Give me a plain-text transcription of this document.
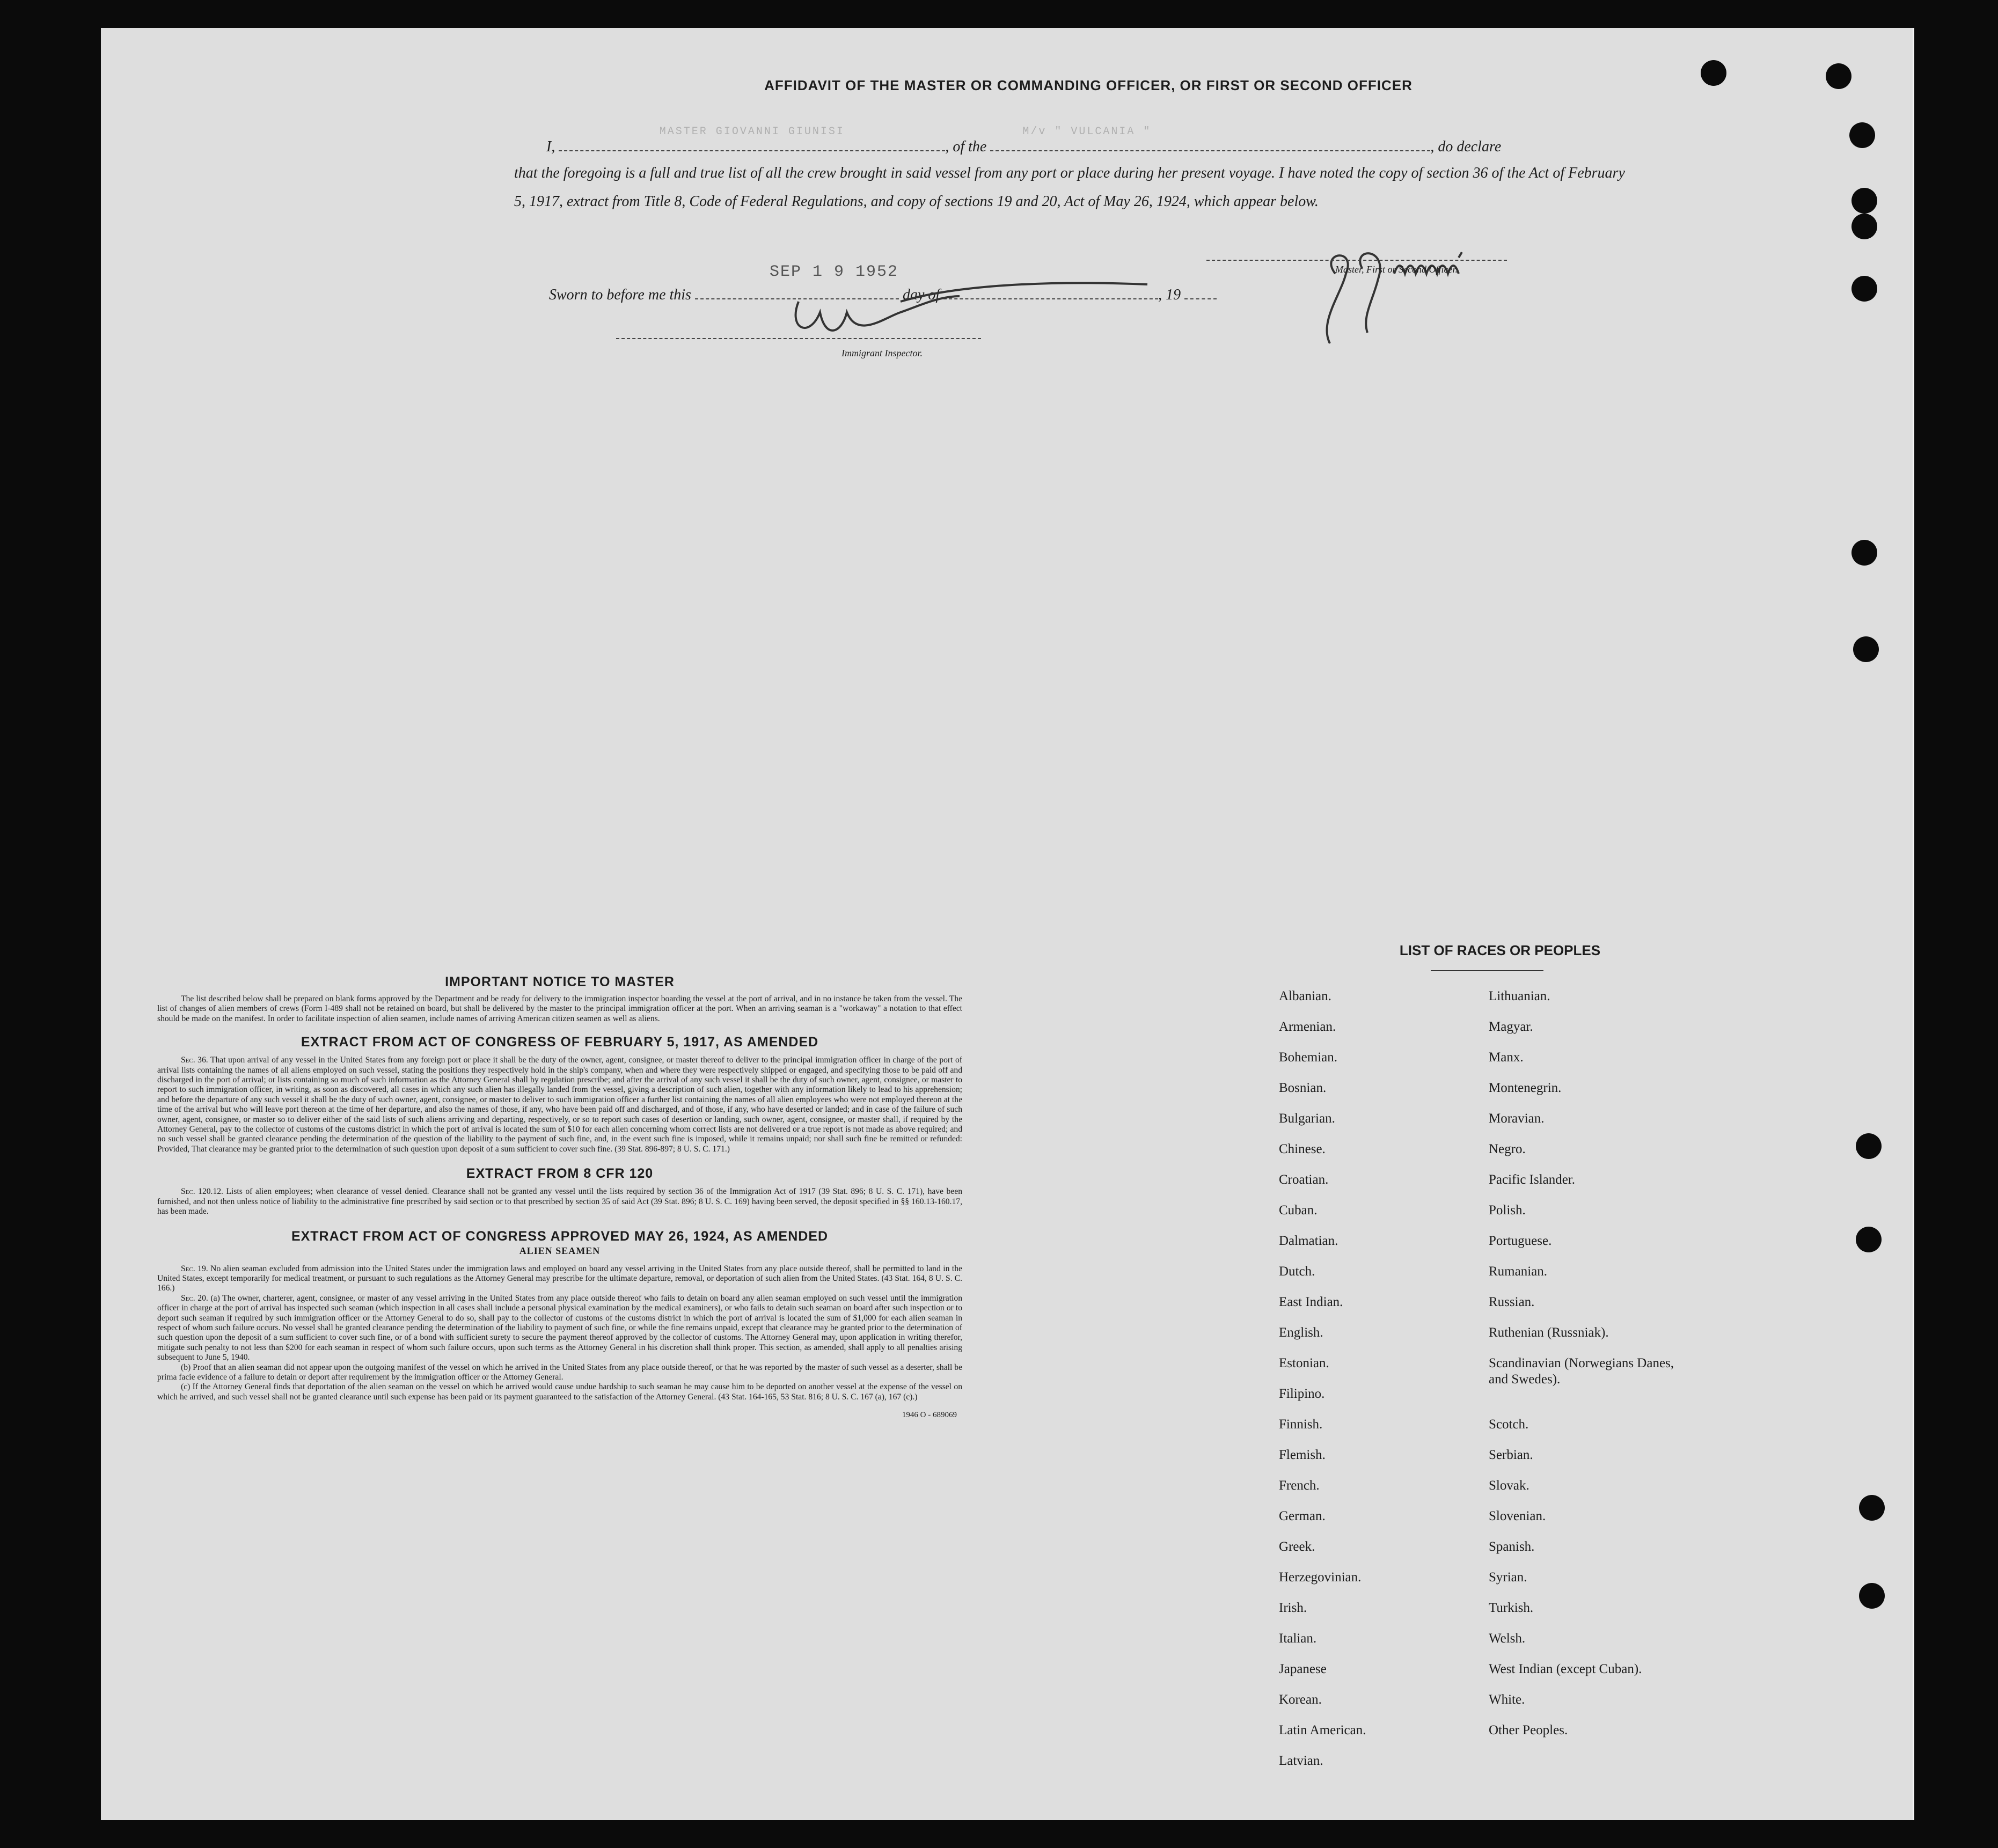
AFFIDAVIT OF THE MASTER OR COMMANDING OFFICER, OR FIRST OR SECOND OFFICER
I,
MASTER GIOVANNI GIUNISI
, of the
M/v " VULCANIA "
, do declare
that the foregoing is a full and true list of all the crew brought in said vessel from any port or place during her present voyage. I have noted the copy of section 36 of the Act of February 5, 1917, extract from Title 8, Code of Federal Regulations, and copy of sections 19 and 20, Act of May 26, 1924, which appear below.
Master, First or Second Officer.
SEP 1 9 1952
Sworn to before me this	day of	, 19
Immigrant Inspector.

IMPORTANT NOTICE TO MASTER

The list described below shall be prepared on blank forms approved by the Department and be ready for delivery to the immigration inspector boarding the vessel at the port of arrival, and in no instance be taken from the vessel. The list of changes of alien members of crews (Form I-489 shall not be retained on board, but shall be delivered by the master to the principal immigration officer at the port. When an arriving seaman is a "workaway" a notation to that effect should be made on the manifest. In order to facilitate inspection of alien seamen, include names of arriving American citizen seamen as well as aliens.

EXTRACT FROM ACT OF CONGRESS OF FEBRUARY 5, 1917, AS AMENDED

Sec. 36. That upon arrival of any vessel in the United States from any foreign port or place it shall be the duty of the owner, agent, consignee, or master thereof to deliver to the principal immigration officer in charge of the port of arrival lists containing the names of all aliens employed on such vessel, stating the positions they respectively hold in the ship's company, when and where they were respectively shipped or engaged, and specifying those to be paid off and discharged in the port of arrival; or lists containing so much of such information as the Attorney General shall by regulation prescribe; and after the arrival of any such vessel it shall be the duty of such owner, agent, consignee, or master to report to such immigration officer, in writing, as soon as discovered, all cases in which any such alien has illegally landed from the vessel, giving a description of such alien, together with any information likely to lead to his apprehension; and before the departure of any such vessel it shall be the duty of such owner, agent, consignee, or master to deliver to such immigration officer a further list containing the names of all alien employees who were not employed thereon at the time of the arrival but who will leave port thereon at the time of her departure, and also the names of those, if any, who have been paid off and discharged, and of those, if any, who have deserted or landed; and in case of the failure of such owner, agent, consignee, or master so to deliver either of the said lists of such aliens arriving and departing, respectively, or so to report such cases of desertion or landing, such owner, agent, consignee, or master shall, if required by the Attorney General, pay to the collector of customs of the customs district in which the port of arrival is located the sum of $10 for each alien concerning whom correct lists are not delivered or a true report is not made as above required; and no such vessel shall be granted clearance pending the determination of the question of the liability to the payment of such fine, and, in the event such fine is imposed, while it remains unpaid; nor shall such fine be remitted or refunded: Provided, That clearance may be granted prior to the determination of such question upon deposit of a sum sufficient to cover such fine. (39 Stat. 896-897; 8 U. S. C. 171.)

EXTRACT FROM 8 CFR 120

Sec. 120.12. Lists of alien employees; when clearance of vessel denied. Clearance shall not be granted any vessel until the lists required by section 36 of the Immigration Act of 1917 (39 Stat. 896; 8 U. S. C. 171), have been furnished, and not then unless notice of liability to the administrative fine prescribed by said section or to that prescribed by section 35 of said Act (39 Stat. 896; 8 U. S. C. 169) having been served, the deposit specified in §§ 160.13-160.17, has been made.

EXTRACT FROM ACT OF CONGRESS APPROVED MAY 26, 1924, AS AMENDED

ALIEN SEAMEN

Sec. 19. No alien seaman excluded from admission into the United States under the immigration laws and employed on board any vessel arriving in the United States from any place outside thereof, shall be permitted to land in the United States, except temporarily for medical treatment, or pursuant to such regulations as the Attorney General may prescribe for the ultimate departure, removal, or deportation of such alien from the United States. (43 Stat. 164, 8 U. S. C. 166.)

Sec. 20. (a) The owner, charterer, agent, consignee, or master of any vessel arriving in the United States from any place outside thereof who fails to detain on board any alien seaman employed on such vessel until the immigration officer in charge at the port of arrival has inspected such seaman (which inspection in all cases shall include a personal physical examination by the medical examiners), or who fails to detain such seaman on board after such inspection or to deport such seaman if required by such immigration officer or the Attorney General to do so, shall pay to the collector of customs of the customs district in which the port of arrival is located the sum of $1,000 for each alien seaman in respect of whom such failure occurs. No vessel shall be granted clearance pending the determination of the liability to payment of such fine, or while the fine remains unpaid, except that clearance may be granted prior to the determination of such question upon the deposit of a sum sufficient to cover such fine, or of a bond with sufficient surety to secure the payment thereof approved by the collector of customs. The Attorney General may, upon application in writing therefor, mitigate such penalty to not less than $200 for each seaman in respect of whom such failure occurs, upon such terms as the Attorney General in his discretion shall think proper. This section, as amended, shall apply to all penalties arising subsequent to June 5, 1940.

(b) Proof that an alien seaman did not appear upon the outgoing manifest of the vessel on which he arrived in the United States from any place outside thereof, or that he was reported by the master of such vessel as a deserter, shall be prima facie evidence of a failure to detain or deport after requirement by the immigration officer or the Attorney General.

(c) If the Attorney General finds that deportation of the alien seaman on the vessel on which he arrived would cause undue hardship to such seaman he may cause him to be deported on another vessel at the expense of the vessel on which he arrived, and such vessel shall not be granted clearance until such expense has been paid or its payment guaranteed to the satisfaction of the Attorney General. (43 Stat. 164-165, 53 Stat. 816; 8 U. S. C. 167 (a), 167 (c).)

1946 O - 689069

LIST OF RACES OR PEOPLES
Albanian.
Armenian.
Bohemian.
Bosnian.
Bulgarian.
Chinese.
Croatian.
Cuban.
Dalmatian.
Dutch.
East Indian.
English.
Estonian.
Filipino.
Finnish.
Flemish.
French.
German.
Greek.
Herzegovinian.
Irish.
Italian.
Japanese
Korean.
Latin American.
Latvian.
Lithuanian.
Magyar.
Manx.
Montenegrin.
Moravian.
Negro.
Pacific Islander.
Polish.
Portuguese.
Rumanian.
Russian.
Ruthenian (Russniak).
Scandinavian (Norwegians Danes, and Swedes).
Scotch.
Serbian.
Slovak.
Slovenian.
Spanish.
Syrian.
Turkish.
Welsh.
West Indian (except Cuban).
White.
Other Peoples.
